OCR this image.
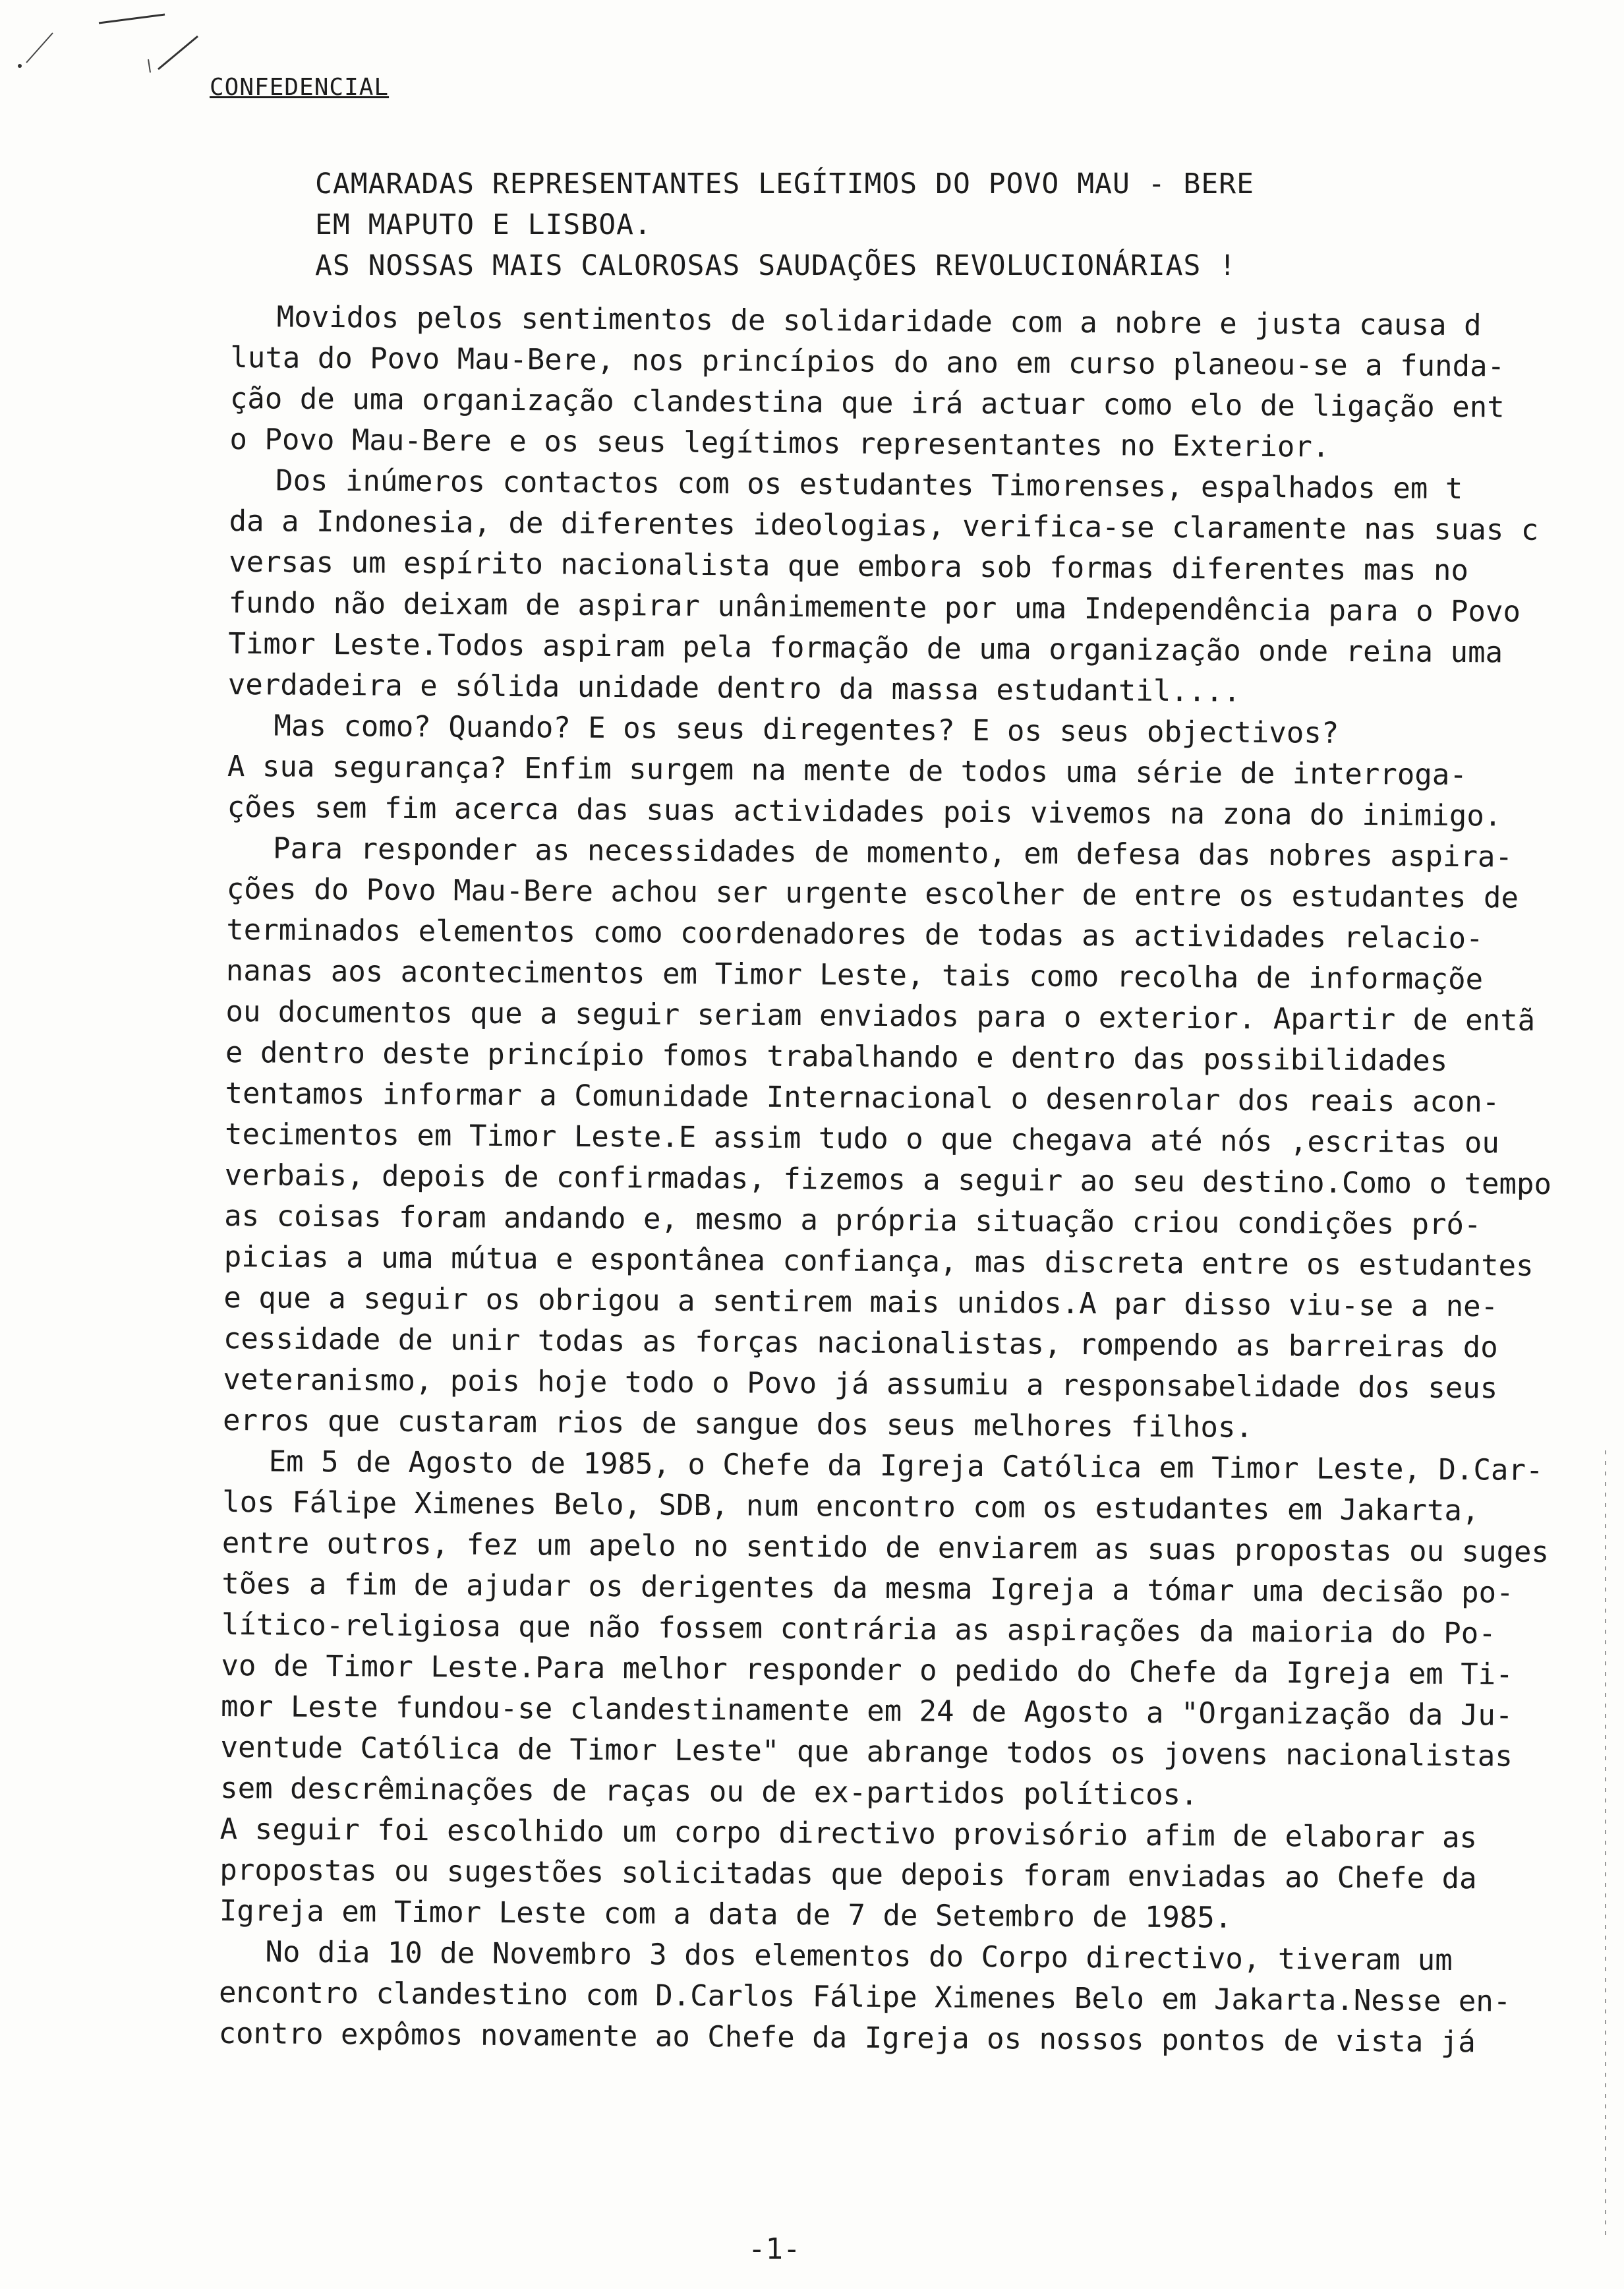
CONFEDENCIAL
CAMARADAS REPRESENTANTES LEGÍTIMOS DO POVO MAU - BERE
EM MAPUTO E LISBOA.
AS NOSSAS MAIS CALOROSAS SAUDAÇÕES REVOLUCIONÁRIAS !

Movidos pelos sentimentos de solidaridade com a nobre e justa causa d

luta do Povo Mau-Bere, nos princípios do ano em curso planeou-se a funda-

ção de uma organização clandestina que irá actuar como elo de ligação ent

o Povo Mau-Bere e os seus legítimos representantes no Exterior.

Dos inúmeros contactos com os estudantes Timorenses, espalhados em t

da a Indonesia, de diferentes ideologias, verifica-se claramente nas suas c

versas um espírito nacionalista que embora sob formas diferentes mas no

fundo não deixam de aspirar unânimemente por uma Independência para o Povo

Timor Leste.Todos aspiram pela formação de uma organização onde reina uma

verdadeira e sólida unidade dentro da massa estudantil....

Mas como? Quando? E os seus diregentes? E os seus objectivos?

A sua segurança? Enfim surgem na mente de todos uma série de interroga-

ções sem fim acerca das suas actividades pois vivemos na zona do inimigo.

Para responder as necessidades de momento, em defesa das nobres aspira-

ções do Povo Mau-Bere achou ser urgente escolher de entre os estudantes de

terminados elementos como coordenadores de todas as actividades relacio-

nanas aos acontecimentos em Timor Leste, tais como recolha de informaçõe

ou documentos que a seguir seriam enviados para o exterior. Apartir de entã

e dentro deste princípio fomos trabalhando e dentro das possibilidades

tentamos informar a Comunidade Internacional o desenrolar dos reais acon-

tecimentos em Timor Leste.E assim tudo o que chegava até nós ,escritas ou

verbais, depois de confirmadas, fizemos a seguir ao seu destino.Como o tempo

as coisas foram andando e, mesmo a própria situação criou condições pró-

picias a uma mútua e espontânea confiança, mas discreta entre os estudantes

e que a seguir os obrigou a sentirem mais unidos.A par disso viu-se a ne-

cessidade de unir todas as forças nacionalistas, rompendo as barreiras do

veteranismo, pois hoje todo o Povo já assumiu a responsabelidade dos seus

erros que custaram rios de sangue dos seus melhores filhos.

Em 5 de Agosto de 1985, o Chefe da Igreja Católica em Timor Leste, D.Car-

los Fálipe Ximenes Belo, SDB, num encontro com os estudantes em Jakarta,

entre outros, fez um apelo no sentido de enviarem as suas propostas ou suges

tões a fim de ajudar os derigentes da mesma Igreja a tómar uma decisão po-

lítico-religiosa que não fossem contrária as aspirações da maioria do Po-

vo de Timor Leste.Para melhor responder o pedido do Chefe da Igreja em Ti-

mor Leste fundou-se clandestinamente em 24 de Agosto a "Organização da Ju-

ventude Católica de Timor Leste" que abrange todos os jovens nacionalistas

sem descrêminações de raças ou de ex-partidos políticos.

A seguir foi escolhido um corpo directivo provisório afim de elaborar as

propostas ou sugestões solicitadas que depois foram enviadas ao Chefe da

Igreja em Timor Leste com a data de 7 de Setembro de 1985.

No dia 10 de Novembro 3 dos elementos do Corpo directivo, tiveram um

encontro clandestino com D.Carlos Fálipe Ximenes Belo em Jakarta.Nesse en-

contro expômos novamente ao Chefe da Igreja os nossos pontos de vista já

-1-
